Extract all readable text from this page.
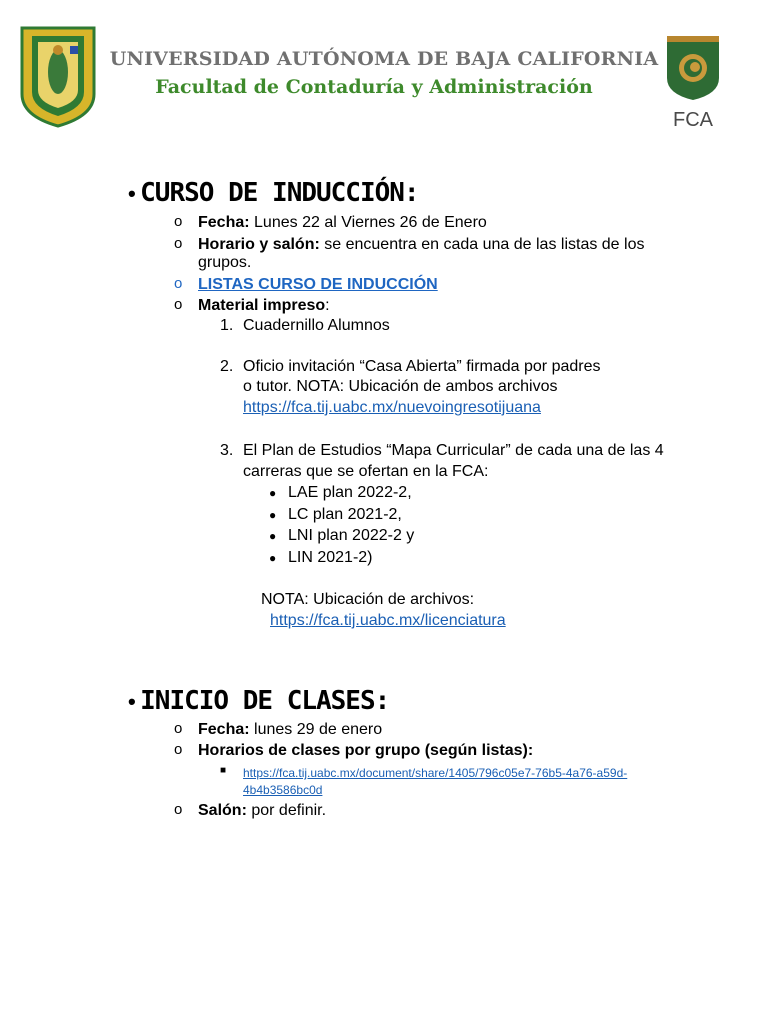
UNIVERSIDAD AUTÓNOMA DE BAJA CALIFORNIA
Facultad de Contaduría y Administración
FCA
• CURSO DE INDUCCIÓN:
o Fecha: Lunes 22 al Viernes 26 de Enero
o Horario y salón: se encuentra en cada una de las listas de los
grupos.
o LISTAS CURSO DE INDUCCIÓN
o Material impreso:
1. Cuadernillo Alumnos
2. Oficio invitación “Casa Abierta” firmada por padres
o tutor. NOTA: Ubicación de ambos archivos
https://fca.tij.uabc.mx/nuevoingresotijuana
3. El Plan de Estudios “Mapa Curricular” de cada una de las 4
carreras que se ofertan en la FCA:
● LAE plan 2022-2,
● LC plan 2021-2,
● LNI plan 2022-2 y
● LIN 2021-2)
NOTA: Ubicación de archivos:
https://fca.tij.uabc.mx/licenciatura
• INICIO DE CLASES:
o Fecha: lunes 29 de enero
o Horarios de clases por grupo (según listas):
■ https://fca.tij.uabc.mx/document/share/1405/796c05e7-76b5-4a76-a59d-
4b4b3586bc0d
o Salón: por definir.
